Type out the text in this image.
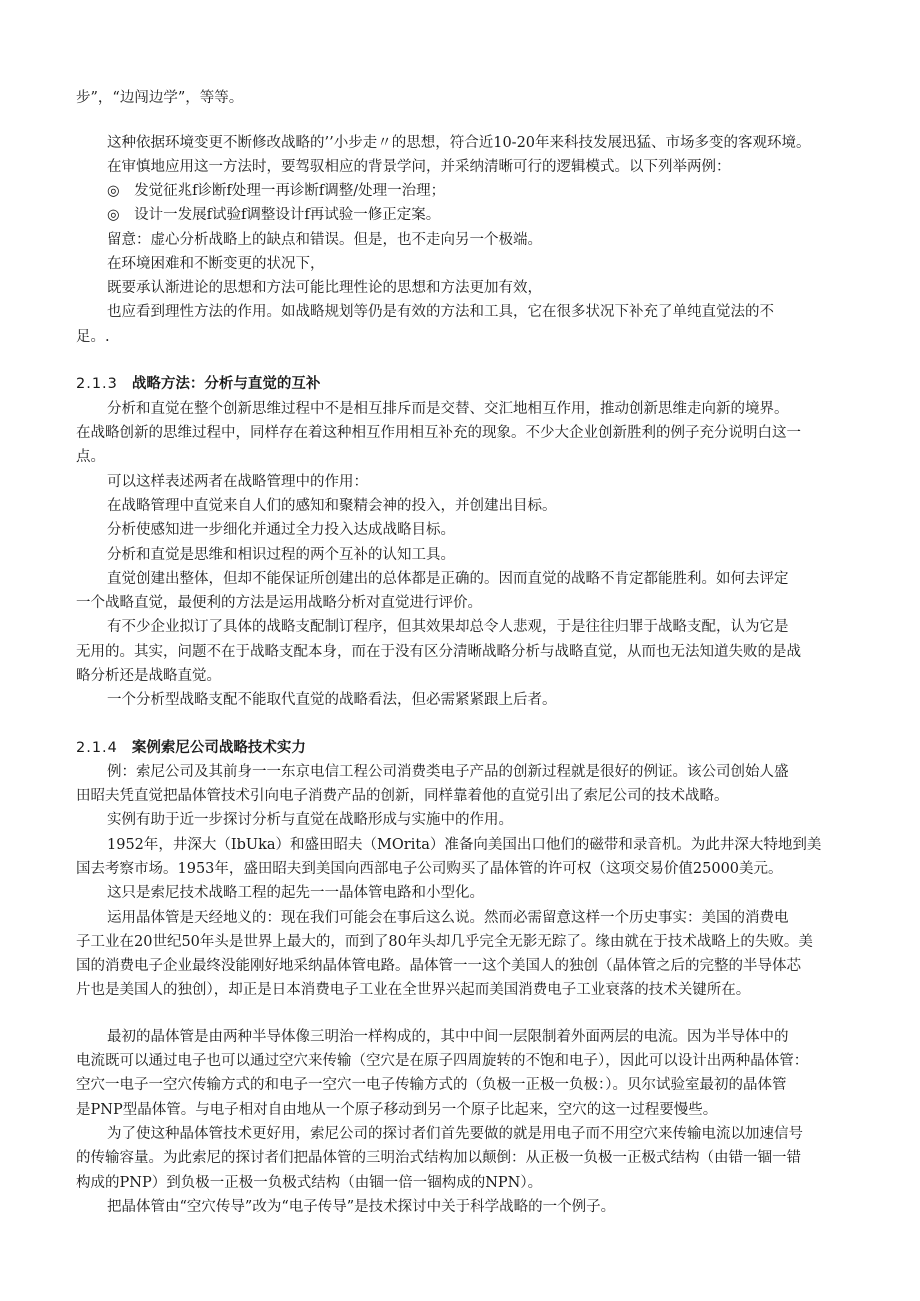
步”，“边闯边学”，等等。
这种依据环境变更不断修改战略的’’小步走〃的思想，符合近10-20年来科技发展迅猛、市场多变的客观环境。
在审慎地应用这一方法时，要驾驭相应的背景学问，并采纳清晰可行的逻辑模式。以下列举两例：
◎　发觉征兆f诊断f处理一再诊断f调整/处理一治理；
◎　设计一发展f试验f调整设计f再试验一修正定案。
留意：虚心分析战略上的缺点和错误。但是，也不走向另一个极端。
在环境困难和不断变更的状况下，
既要承认渐进论的思想和方法可能比理性论的思想和方法更加有效，
也应看到理性方法的作用。如战略规划等仍是有效的方法和工具，它在很多状况下补充了单纯直觉法的不
足。.
2.1.3 战略方法：分析与直觉的互补
分析和直觉在整个创新思维过程中不是相互排斥而是交替、交汇地相互作用，推动创新思维走向新的境界。
在战略创新的思维过程中，同样存在着这种相互作用相互补充的现象。不少大企业创新胜利的例子充分说明白这一
点。
可以这样表述两者在战略管理中的作用：
在战略管理中直觉来自人们的感知和聚精会神的投入，并创建出目标。
分析使感知进一步细化并通过全力投入达成战略目标。
分析和直觉是思维和相识过程的两个互补的认知工具。
直觉创建出整体，但却不能保证所创建出的总体都是正确的。因而直觉的战略不肯定都能胜利。如何去评定
一个战略直觉，最便利的方法是运用战略分析对直觉进行评价。
有不少企业拟订了具体的战略支配制订程序，但其效果却总令人悲观，于是往往归罪于战略支配，认为它是
无用的。其实，问题不在于战略支配本身，而在于没有区分清晰战略分析与战略直觉，从而也无法知道失败的是战
略分析还是战略直觉。
一个分析型战略支配不能取代直觉的战略看法，但必需紧紧跟上后者。
2.1.4 案例索尼公司战略技术实力
例：索尼公司及其前身一一东京电信工程公司消费类电子产品的创新过程就是很好的例证。该公司创始人盛
田昭夫凭直觉把晶体管技术引向电子消费产品的创新，同样靠着他的直觉引出了索尼公司的技术战略。
实例有助于近一步探讨分析与直觉在战略形成与实施中的作用。
1952年，井深大（IbUka）和盛田昭夫（MOrita）准备向美国出口他们的磁带和录音机。为此井深大特地到美
国去考察市场。1953年，盛田昭夫到美国向西部电子公司购买了晶体管的许可权（这项交易价值25000美元。
这只是索尼技术战略工程的起先一一晶体管电路和小型化。
运用晶体管是天经地义的：现在我们可能会在事后这么说。然而必需留意这样一个历史事实：美国的消费电
子工业在20世纪50年头是世界上最大的，而到了80年头却几乎完全无影无踪了。缘由就在于技术战略上的失败。美
国的消费电子企业最终没能刚好地采纳晶体管电路。晶体管一一这个美国人的独创（晶体管之后的完整的半导体芯
片也是美国人的独创），却正是日本消费电子工业在全世界兴起而美国消费电子工业衰落的技术关键所在。
最初的晶体管是由两种半导体像三明治一样构成的，其中中间一层限制着外面两层的电流。因为半导体中的
电流既可以通过电子也可以通过空穴来传输（空穴是在原子四周旋转的不饱和电子），因此可以设计出两种晶体管：
空穴一电子一空穴传输方式的和电子一空穴一电子传输方式的（负极一正极一负极：）。贝尔试验室最初的晶体管
是PNP型晶体管。与电子相对自由地从一个原子移动到另一个原子比起来，空穴的这一过程要慢些。
为了使这种晶体管技术更好用，索尼公司的探讨者们首先要做的就是用电子而不用空穴来传输电流以加速信号
的传输容量。为此索尼的探讨者们把晶体管的三明治式结构加以颠倒：从正极一负极一正极式结构（由错一锢一错
构成的PNP）到负极一正极一负极式结构（由锢一倍一锢构成的NPN）。
把晶体管由“空穴传导”改为“电子传导”是技术探讨中关于科学战略的一个例子。
